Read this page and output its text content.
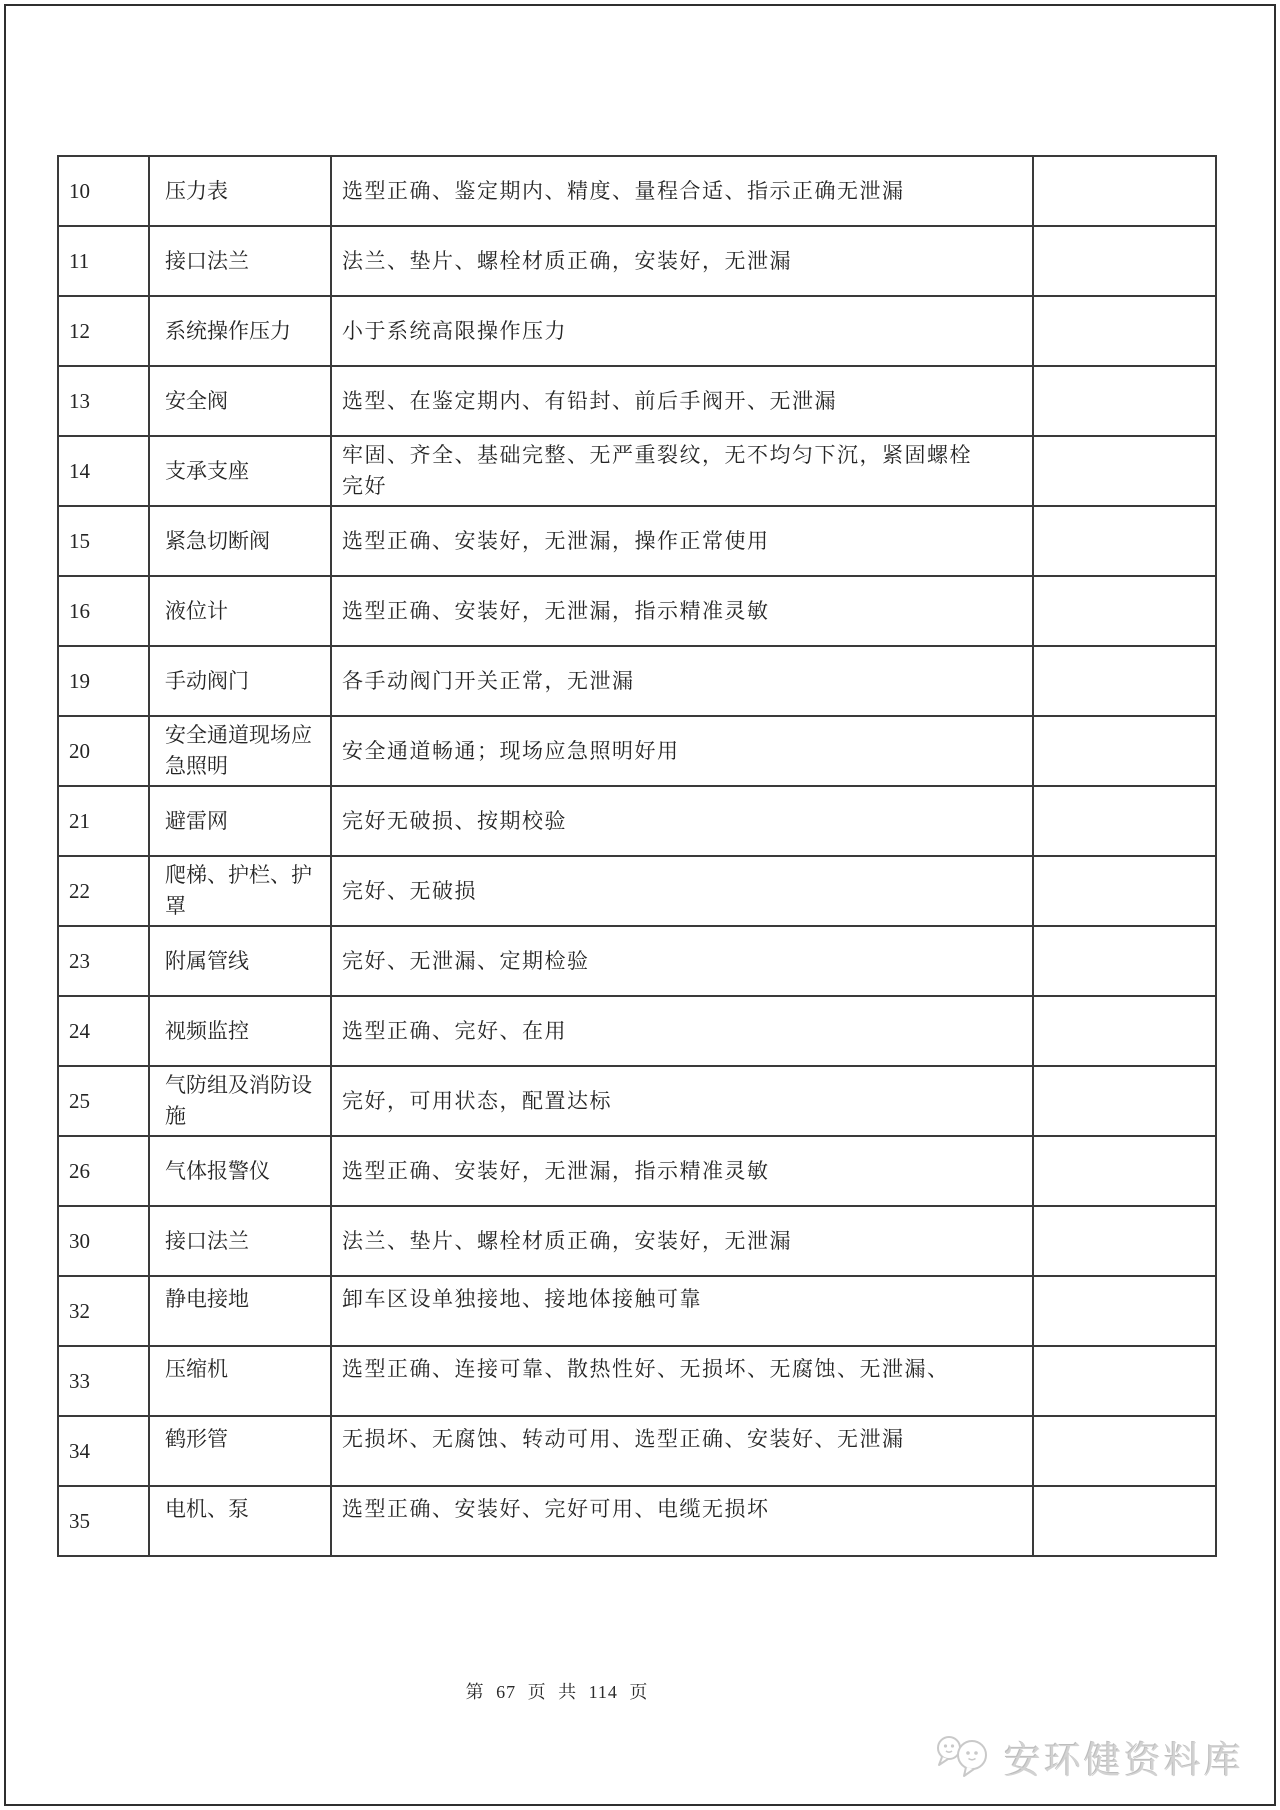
10	压力表	选型正确、鉴定期内、精度、量程合适、指示正确无泄漏	
11	接口法兰	法兰、垫片、螺栓材质正确，安装好，无泄漏	
12	系统操作压力	小于系统高限操作压力	
13	安全阀	选型、在鉴定期内、有铅封、前后手阀开、无泄漏	
14	支承支座	牢固、齐全、基础完整、无严重裂纹，无不均匀下沉，紧固螺栓完好	
15	紧急切断阀	选型正确、安装好，无泄漏，操作正常使用	
16	液位计	选型正确、安装好，无泄漏，指示精准灵敏	
19	手动阀门	各手动阀门开关正常，无泄漏	
20	安全通道现场应急照明	安全通道畅通；现场应急照明好用	
21	避雷网	完好无破损、按期校验	
22	爬梯、护栏、护罩	完好、无破损	
23	附属管线	完好、无泄漏、定期检验	
24	视频监控	选型正确、完好、在用	
25	气防组及消防设施	完好，可用状态，配置达标	
26	气体报警仪	选型正确、安装好，无泄漏，指示精准灵敏	
30	接口法兰	法兰、垫片、螺栓材质正确，安装好，无泄漏	
32	静电接地	卸车区设单独接地、接地体接触可靠	
33	压缩机	选型正确、连接可靠、散热性好、无损坏、无腐蚀、无泄漏、	
34	鹤形管	无损坏、无腐蚀、转动可用、选型正确、安装好、无泄漏	
35	电机、泵	选型正确、安装好、完好可用、电缆无损坏	
第 67 页 共 114 页
安环健资料库
